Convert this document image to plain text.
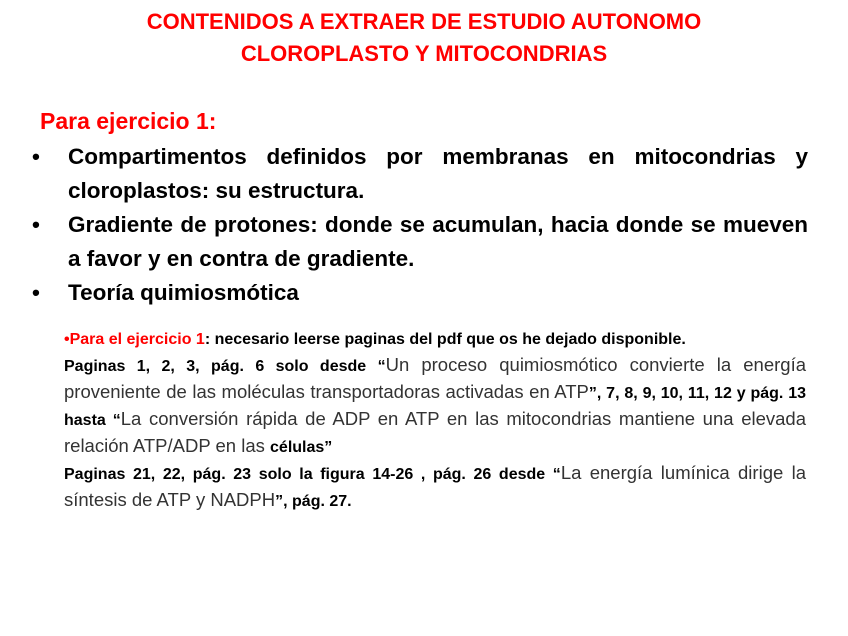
CONTENIDOS A EXTRAER DE ESTUDIO AUTONOMO
CLOROPLASTO Y MITOCONDRIAS
Para ejercicio 1:
• Compartimentos definidos por membranas en mitocondrias y cloroplastos: su estructura.
• Gradiente de protones: donde se acumulan, hacia donde se mueven a favor y en contra de gradiente.
• Teoría quimiosmótica

•Para el ejercicio 1: necesario leerse paginas del pdf que os he dejado disponible.

Paginas 1, 2, 3, pág. 6 solo desde “Un proceso quimiosmótico convierte la energía proveniente de las moléculas transportadoras activadas en ATP”, 7, 8, 9, 10, 11, 12 y pág. 13 hasta “La conversión rápida de ADP en ATP en las mitocondrias mantiene una elevada relación ATP/ADP en las células”

Paginas 21, 22, pág. 23 solo la figura 14-26 , pág. 26 desde “La energía lumínica dirige la síntesis de ATP y NADPH”, pág. 27.
